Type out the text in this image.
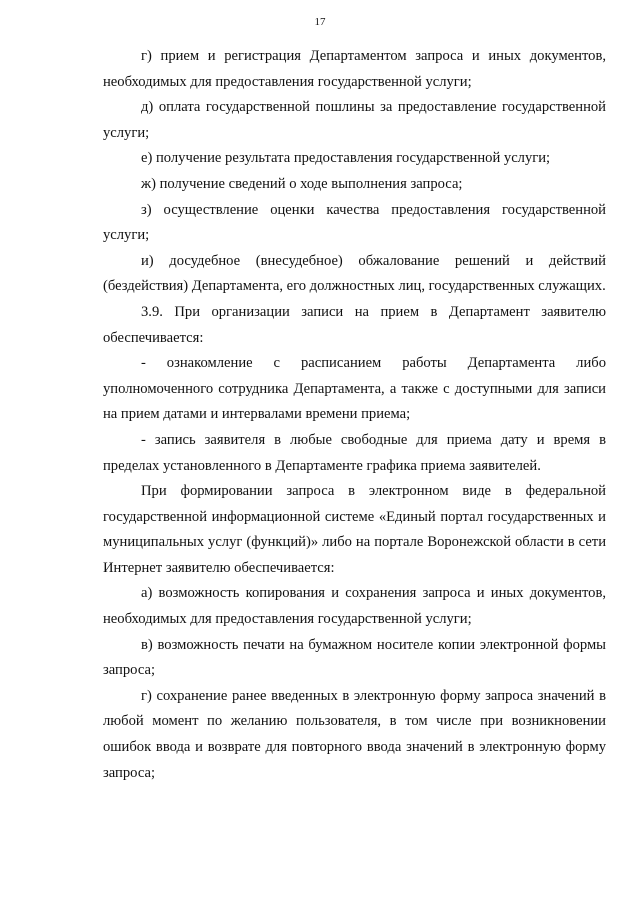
17

г) прием и регистрация Департаментом запроса и иных документов, необходимых для предоставления государственной услуги;

д) оплата государственной пошлины за предоставление государственной услуги;

е) получение результата предоставления государственной услуги;

ж) получение сведений о ходе выполнения запроса;

з) осуществление оценки качества предоставления государственной услуги;

и) досудебное (внесудебное) обжалование решений и действий (бездействия) Департамента, его должностных лиц, государственных служащих.

3.9. При организации записи на прием в Департамент заявителю обеспечивается:

- ознакомление с расписанием работы Департамента либо уполномоченного сотрудника Департамента, а также с доступными для записи на прием датами и интервалами времени приема;

- запись заявителя в любые свободные для приема дату и время в пределах установленного в Департаменте графика приема заявителей.

При формировании запроса в электронном виде в федеральной государственной информационной системе «Единый портал государственных и муниципальных услуг (функций)» либо на портале Воронежской области в сети Интернет заявителю обеспечивается:

а) возможность копирования и сохранения запроса и иных документов, необходимых для предоставления государственной услуги;

в) возможность печати на бумажном носителе копии электронной формы запроса;

г) сохранение ранее введенных в электронную форму запроса значений в любой момент по желанию пользователя, в том числе при возникновении ошибок ввода и возврате для повторного ввода значений в электронную форму запроса;
